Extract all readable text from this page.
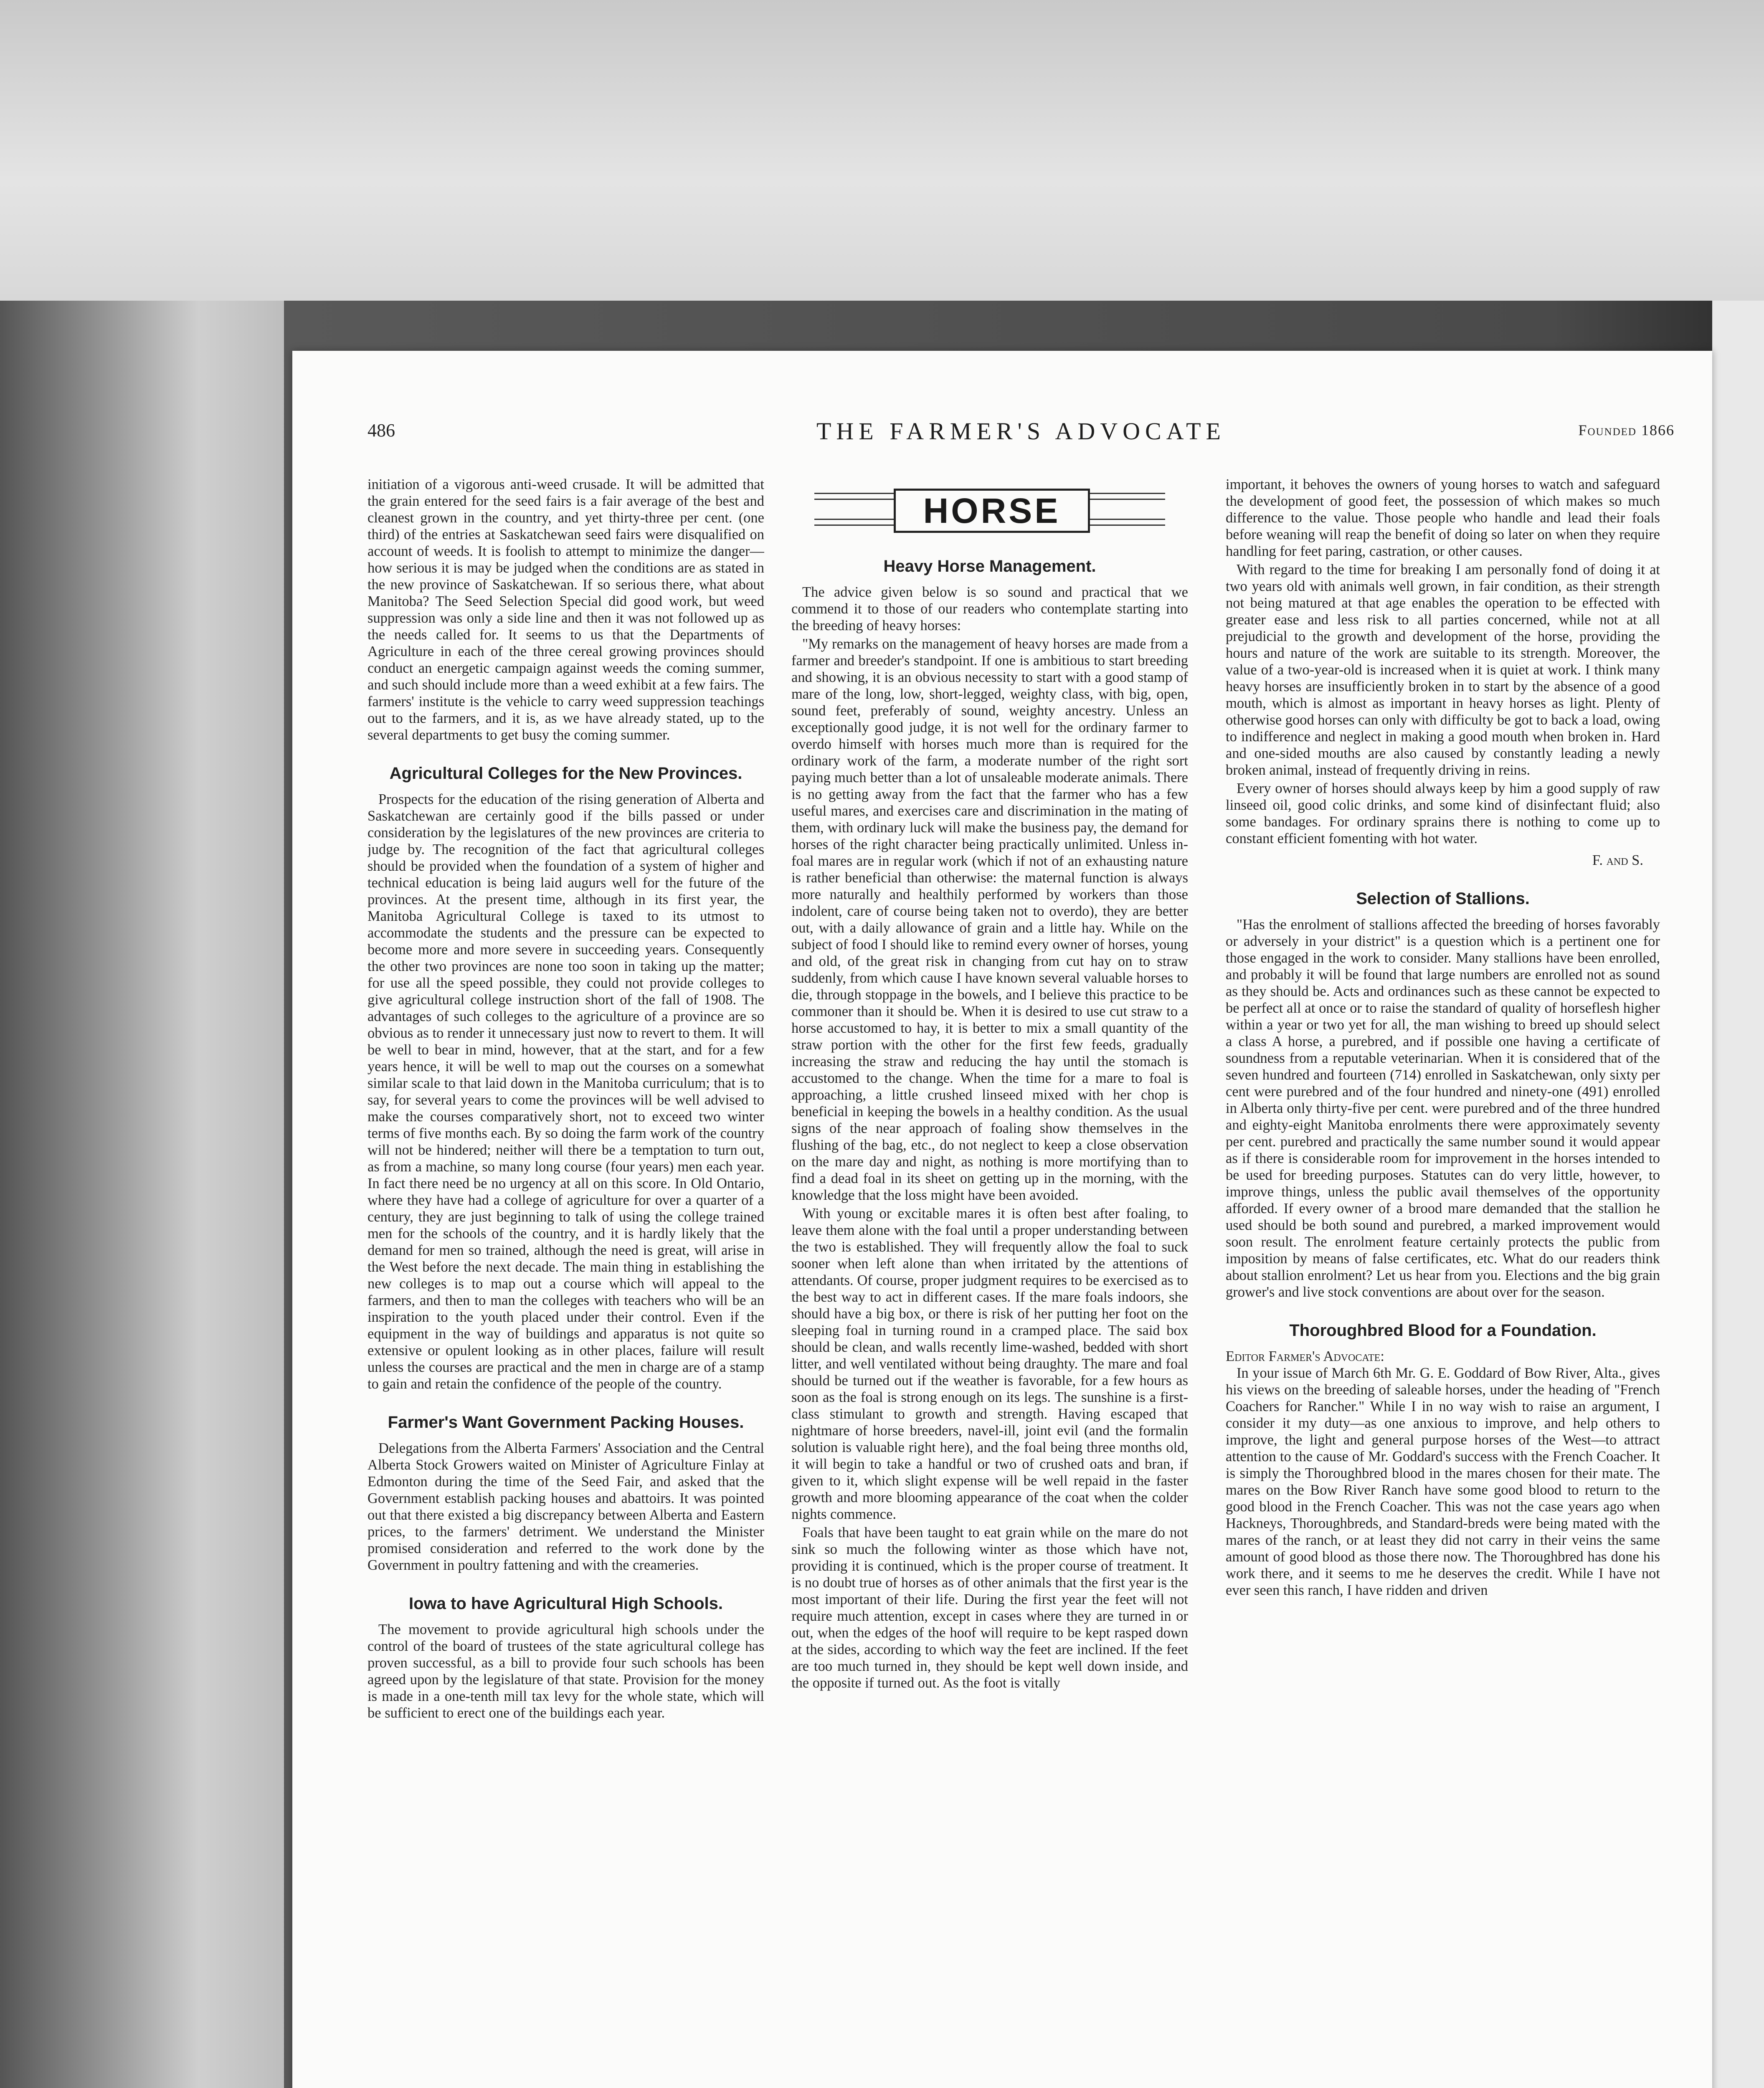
486	THE FARMER'S ADVOCATE	Founded 1866

initiation of a vigorous anti-weed crusade. It will be admitted that the grain entered for the seed fairs is a fair average of the best and cleanest grown in the country, and yet thirty-three per cent. (one third) of the entries at Saskatchewan seed fairs were disqualified on account of weeds. It is foolish to attempt to minimize the danger—how serious it is may be judged when the conditions are as stated in the new province of Saskatchewan. If so serious there, what about Manitoba? The Seed Selection Special did good work, but weed suppression was only a side line and then it was not followed up as the needs called for. It seems to us that the Departments of Agriculture in each of the three cereal growing provinces should conduct an energetic campaign against weeds the coming summer, and such should include more than a weed exhibit at a few fairs. The farmers' institute is the vehicle to carry weed suppression teachings out to the farmers, and it is, as we have already stated, up to the several departments to get busy the coming summer.

Agricultural Colleges for the New Provinces.

Prospects for the education of the rising generation of Alberta and Saskatchewan are certainly good if the bills passed or under consideration by the legislatures of the new provinces are criteria to judge by. The recognition of the fact that agricultural colleges should be provided when the foundation of a system of higher and technical education is being laid augurs well for the future of the provinces. At the present time, although in its first year, the Manitoba Agricultural College is taxed to its utmost to accommodate the students and the pressure can be expected to become more and more severe in succeeding years. Consequently the other two provinces are none too soon in taking up the matter; for use all the speed possible, they could not provide colleges to give agricultural college instruction short of the fall of 1908. The advantages of such colleges to the agriculture of a province are so obvious as to render it unnecessary just now to revert to them. It will be well to bear in mind, however, that at the start, and for a few years hence, it will be well to map out the courses on a somewhat similar scale to that laid down in the Manitoba curriculum; that is to say, for several years to come the provinces will be well advised to make the courses comparatively short, not to exceed two winter terms of five months each. By so doing the farm work of the country will not be hindered; neither will there be a temptation to turn out, as from a machine, so many long course (four years) men each year. In fact there need be no urgency at all on this score. In Old Ontario, where they have had a college of agriculture for over a quarter of a century, they are just beginning to talk of using the college trained men for the schools of the country, and it is hardly likely that the demand for men so trained, although the need is great, will arise in the West before the next decade. The main thing in establishing the new colleges is to map out a course which will appeal to the farmers, and then to man the colleges with teachers who will be an inspiration to the youth placed under their control. Even if the equipment in the way of buildings and apparatus is not quite so extensive or opulent looking as in other places, failure will result unless the courses are practical and the men in charge are of a stamp to gain and retain the confidence of the people of the country.

Farmer's Want Government Packing Houses.

Delegations from the Alberta Farmers' Association and the Central Alberta Stock Growers waited on Minister of Agriculture Finlay at Edmonton during the time of the Seed Fair, and asked that the Government establish packing houses and abattoirs. It was pointed out that there existed a big discrepancy between Alberta and Eastern prices, to the farmers' detriment. We understand the Minister promised consideration and referred to the work done by the Government in poultry fattening and with the creameries.

Iowa to have Agricultural High Schools.

The movement to provide agricultural high schools under the control of the board of trustees of the state agricultural college has proven successful, as a bill to provide four such schools has been agreed upon by the legislature of that state. Provision for the money is made in a one-tenth mill tax levy for the whole state, which will be sufficient to erect one of the buildings each year.

HORSE
Heavy Horse Management.

The advice given below is so sound and practical that we commend it to those of our readers who contemplate starting into the breeding of heavy horses:

"My remarks on the management of heavy horses are made from a farmer and breeder's standpoint. If one is ambitious to start breeding and showing, it is an obvious necessity to start with a good stamp of mare of the long, low, short-legged, weighty class, with big, open, sound feet, preferably of sound, weighty ancestry. Unless an exceptionally good judge, it is not well for the ordinary farmer to overdo himself with horses much more than is required for the ordinary work of the farm, a moderate number of the right sort paying much better than a lot of unsaleable moderate animals. There is no getting away from the fact that the farmer who has a few useful mares, and exercises care and discrimination in the mating of them, with ordinary luck will make the business pay, the demand for horses of the right character being practically unlimited. Unless in-foal mares are in regular work (which if not of an exhausting nature is rather beneficial than otherwise: the maternal function is always more naturally and healthily performed by workers than those indolent, care of course being taken not to overdo), they are better out, with a daily allowance of grain and a little hay. While on the subject of food I should like to remind every owner of horses, young and old, of the great risk in changing from cut hay on to straw suddenly, from which cause I have known several valuable horses to die, through stoppage in the bowels, and I believe this practice to be commoner than it should be. When it is desired to use cut straw to a horse accustomed to hay, it is better to mix a small quantity of the straw portion with the other for the first few feeds, gradually increasing the straw and reducing the hay until the stomach is accustomed to the change. When the time for a mare to foal is approaching, a little crushed linseed mixed with her chop is beneficial in keeping the bowels in a healthy condition. As the usual signs of the near approach of foaling show themselves in the flushing of the bag, etc., do not neglect to keep a close observation on the mare day and night, as nothing is more mortifying than to find a dead foal in its sheet on getting up in the morning, with the knowledge that the loss might have been avoided.

With young or excitable mares it is often best after foaling, to leave them alone with the foal until a proper understanding between the two is established. They will frequently allow the foal to suck sooner when left alone than when irritated by the attentions of attendants. Of course, proper judgment requires to be exercised as to the best way to act in different cases. If the mare foals indoors, she should have a big box, or there is risk of her putting her foot on the sleeping foal in turning round in a cramped place. The said box should be clean, and walls recently lime-washed, bedded with short litter, and well ventilated without being draughty. The mare and foal should be turned out if the weather is favorable, for a few hours as soon as the foal is strong enough on its legs. The sunshine is a first-class stimulant to growth and strength. Having escaped that nightmare of horse breeders, navel-ill, joint evil (and the formalin solution is valuable right here), and the foal being three months old, it will begin to take a handful or two of crushed oats and bran, if given to it, which slight expense will be well repaid in the faster growth and more blooming appearance of the coat when the colder nights commence.

Foals that have been taught to eat grain while on the mare do not sink so much the following winter as those which have not, providing it is continued, which is the proper course of treatment. It is no doubt true of horses as of other animals that the first year is the most important of their life. During the first year the feet will not require much attention, except in cases where they are turned in or out, when the edges of the hoof will require to be kept rasped down at the sides, according to which way the feet are inclined. If the feet are too much turned in, they should be kept well down inside, and the opposite if turned out. As the foot is vitally

important, it behoves the owners of young horses to watch and safeguard the development of good feet, the possession of which makes so much difference to the value. Those people who handle and lead their foals before weaning will reap the benefit of doing so later on when they require handling for feet paring, castration, or other causes.

With regard to the time for breaking I am personally fond of doing it at two years old with animals well grown, in fair condition, as their strength not being matured at that age enables the operation to be effected with greater ease and less risk to all parties concerned, while not at all prejudicial to the growth and development of the horse, providing the hours and nature of the work are suitable to its strength. Moreover, the value of a two-year-old is increased when it is quiet at work. I think many heavy horses are insufficiently broken in to start by the absence of a good mouth, which is almost as important in heavy horses as light. Plenty of otherwise good horses can only with difficulty be got to back a load, owing to indifference and neglect in making a good mouth when broken in. Hard and one-sided mouths are also caused by constantly leading a newly broken animal, instead of frequently driving in reins.

Every owner of horses should always keep by him a good supply of raw linseed oil, good colic drinks, and some kind of disinfectant fluid; also some bandages. For ordinary sprains there is nothing to come up to constant efficient fomenting with hot water.

F. and S.
Selection of Stallions.

"Has the enrolment of stallions affected the breeding of horses favorably or adversely in your district" is a question which is a pertinent one for those engaged in the work to consider. Many stallions have been enrolled, and probably it will be found that large numbers are enrolled not as sound as they should be. Acts and ordinances such as these cannot be expected to be perfect all at once or to raise the standard of quality of horseflesh higher within a year or two yet for all, the man wishing to breed up should select a class A horse, a purebred, and if possible one having a certificate of soundness from a reputable veterinarian. When it is considered that of the seven hundred and fourteen (714) enrolled in Saskatchewan, only sixty per cent were purebred and of the four hundred and ninety-one (491) enrolled in Alberta only thirty-five per cent. were purebred and of the three hundred and eighty-eight Manitoba enrolments there were approximately seventy per cent. purebred and practically the same number sound it would appear as if there is considerable room for improvement in the horses intended to be used for breeding purposes. Statutes can do very little, however, to improve things, unless the public avail themselves of the opportunity afforded. If every owner of a brood mare demanded that the stallion he used should be both sound and purebred, a marked improvement would soon result. The enrolment feature certainly protects the public from imposition by means of false certificates, etc. What do our readers think about stallion enrolment? Let us hear from you. Elections and the big grain grower's and live stock conventions are about over for the season.

Thoroughbred Blood for a Foundation.
Editor Farmer's Advocate:

In your issue of March 6th Mr. G. E. Goddard of Bow River, Alta., gives his views on the breeding of saleable horses, under the heading of "French Coachers for Rancher." While I in no way wish to raise an argument, I consider it my duty—as one anxious to improve, and help others to improve, the light and general purpose horses of the West—to attract attention to the cause of Mr. Goddard's success with the French Coacher. It is simply the Thoroughbred blood in the mares chosen for their mate. The mares on the Bow River Ranch have some good blood to return to the good blood in the French Coacher. This was not the case years ago when Hackneys, Thoroughbreds, and Standard-breds were being mated with the mares of the ranch, or at least they did not carry in their veins the same amount of good blood as those there now. The Thoroughbred has done his work there, and it seems to me he deserves the credit. While I have not ever seen this ranch, I have ridden and driven
